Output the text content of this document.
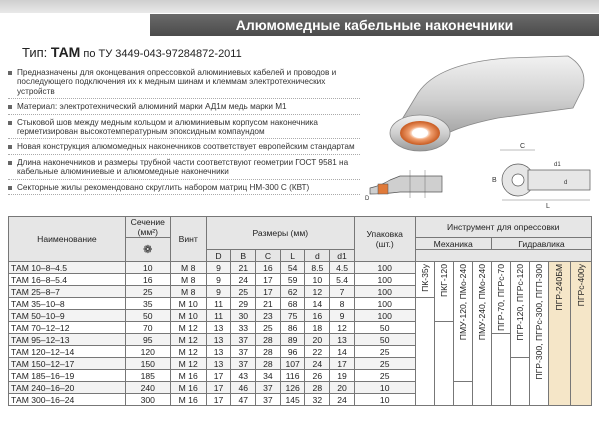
Алюмомедные кабельные наконечники
Тип: ТАМ по ТУ 3449-043-97284872-2011
Предназначены для оконцевания опрессовкой алюминиевых кабелей и проводов и последующего подключения их к медным шинам и клеммам электротехнических устройств
Материал: электротехнический алюминий марки АД1м медь марки М1
Стыковой шов между медным кольцом и алюминиевым корпусом наконечника герметизирован высокотемпературным эпоксидным компаундом
Новая конструкция алюмомедных наконечников соответствует европейским стандартам
Длина наконечников и размеры трубной части соответствуют геометрии ГОСТ 9581 на кабельные алюминиевые и алюмомедные наконечники
Секторные жилы рекомендовано скруглить набором матриц НМ-300 С (КВТ)
D
C
B
d1
d
L
Наименование	Сечение (мм²)	Винт	Размеры (мм)						Упаковка (шт.)	Инструмент для опрессовки								
	❁									Механика				Гидравлика				
			D	B	C	L	d	d1										
ТАМ 10–8–4.5	10	М 8	9	21	16	54	8.5	4.5	100	ПК-35у	ПКГ-120	ПМУ-120, ПМо-240	ПМУ-240, ПМо-240	ПГР-70, ПГРс-70	ПГР-120, ПГРс-120	ПГР-300, ПГРс-300, ПГП-300	ПГР-240БМ	ПГРс-400у

ТАМ 16–8–5.4	16	М 8	9	24	17	59	10	5.4	100									
ТАМ 25–8–7	25	М 8	9	25	17	62	12	7	100									
ТАМ 35–10–8	35	М 10	11	29	21	68	14	8	100									
ТАМ 50–10–9	50	М 10	11	30	23	75	16	9	100									
ТАМ 70–12–12	70	М 12	13	33	25	86	18	12	50									
ТАМ 95–12–13	95	М 12	13	37	28	89	20	13	50									
ТАМ 120–12–14	120	М 12	13	37	28	96	22	14	25									
ТАМ 150–12–17	150	М 12	13	37	28	107	24	17	25									
ТАМ 185–16–19	185	М 16	17	43	34	116	26	19	25									
ТАМ 240–16–20	240	М 16	17	46	37	126	28	20	10									
ТАМ 300–16–24	300	М 16	17	47	37	145	32	24	10									
